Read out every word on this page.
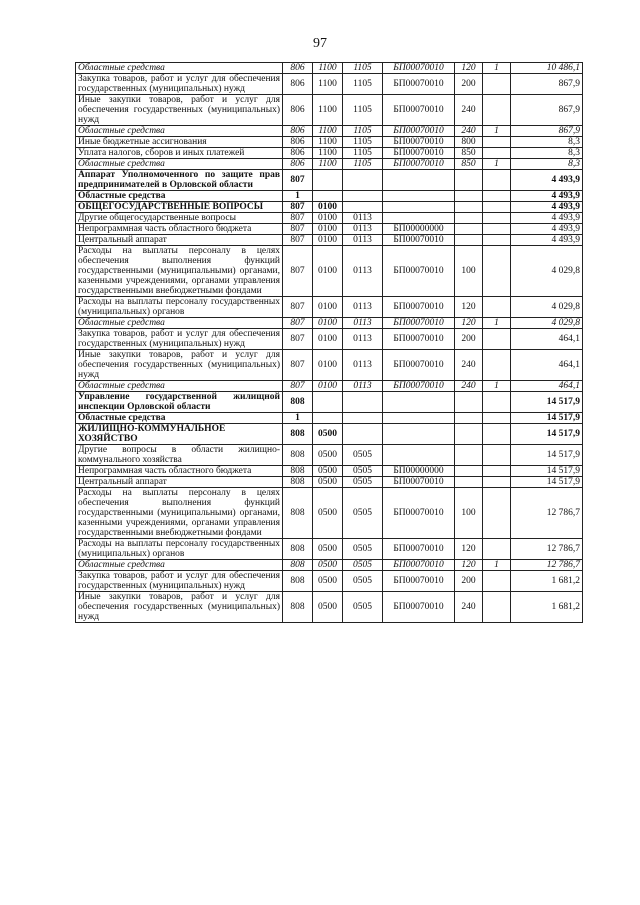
97
Областные средства	806	1100	1105	БП00070010	120	1	10 486,1
Закупка товаров, работ и услуг для обеспечения государственных (муниципальных) нужд	806	1100	1105	БП00070010	200		867,9
Иные закупки товаров, работ и услуг для обеспечения государственных (муниципальных) нужд	806	1100	1105	БП00070010	240		867,9
Областные средства	806	1100	1105	БП00070010	240	1	867,9
Иные бюджетные ассигнования	806	1100	1105	БП00070010	800		8,3
Уплата налогов, сборов и иных платежей	806	1100	1105	БП00070010	850		8,3
Областные средства	806	1100	1105	БП00070010	850	1	8,3
Аппарат Уполномоченного по защите прав предпринимателей в Орловской области	807						4 493,9
Областные средства	1						4 493,9
ОБЩЕГОСУДАРСТВЕННЫЕ ВОПРОСЫ	807	0100					4 493,9
Другие общегосударственные вопросы	807	0100	0113				4 493,9
Непрограммная часть областного бюджета	807	0100	0113	БП00000000			4 493,9
Центральный аппарат	807	0100	0113	БП00070010			4 493,9
Расходы на выплаты персоналу в целях обеспечения выполнения функций государственными (муниципальными) органами, казенными учреждениями, органами управления государственными внебюджетными фондами	807	0100	0113	БП00070010	100		4 029,8
Расходы на выплаты персоналу государственных (муниципальных) органов	807	0100	0113	БП00070010	120		4 029,8
Областные средства	807	0100	0113	БП00070010	120	1	4 029,8
Закупка товаров, работ и услуг для обеспечения государственных (муниципальных) нужд	807	0100	0113	БП00070010	200		464,1
Иные закупки товаров, работ и услуг для обеспечения государственных (муниципальных) нужд	807	0100	0113	БП00070010	240		464,1
Областные средства	807	0100	0113	БП00070010	240	1	464,1
Управление государственной жилищной инспекции Орловской области	808						14 517,9
Областные средства	1						14 517,9
ЖИЛИЩНО-КОММУНАЛЬНОЕ ХОЗЯЙСТВО	808	0500					14 517,9
Другие вопросы в области жилищно-коммунального хозяйства	808	0500	0505				14 517,9
Непрограммная часть областного бюджета	808	0500	0505	БП00000000			14 517,9
Центральный аппарат	808	0500	0505	БП00070010			14 517,9
Расходы на выплаты персоналу в целях обеспечения выполнения функций государственными (муниципальными) органами, казенными учреждениями, органами управления государственными внебюджетными фондами	808	0500	0505	БП00070010	100		12 786,7
Расходы на выплаты персоналу государственных (муниципальных) органов	808	0500	0505	БП00070010	120		12 786,7
Областные средства	808	0500	0505	БП00070010	120	1	12 786,7
Закупка товаров, работ и услуг для обеспечения государственных (муниципальных) нужд	808	0500	0505	БП00070010	200		1 681,2
Иные закупки товаров, работ и услуг для обеспечения государственных (муниципальных) нужд	808	0500	0505	БП00070010	240		1 681,2
